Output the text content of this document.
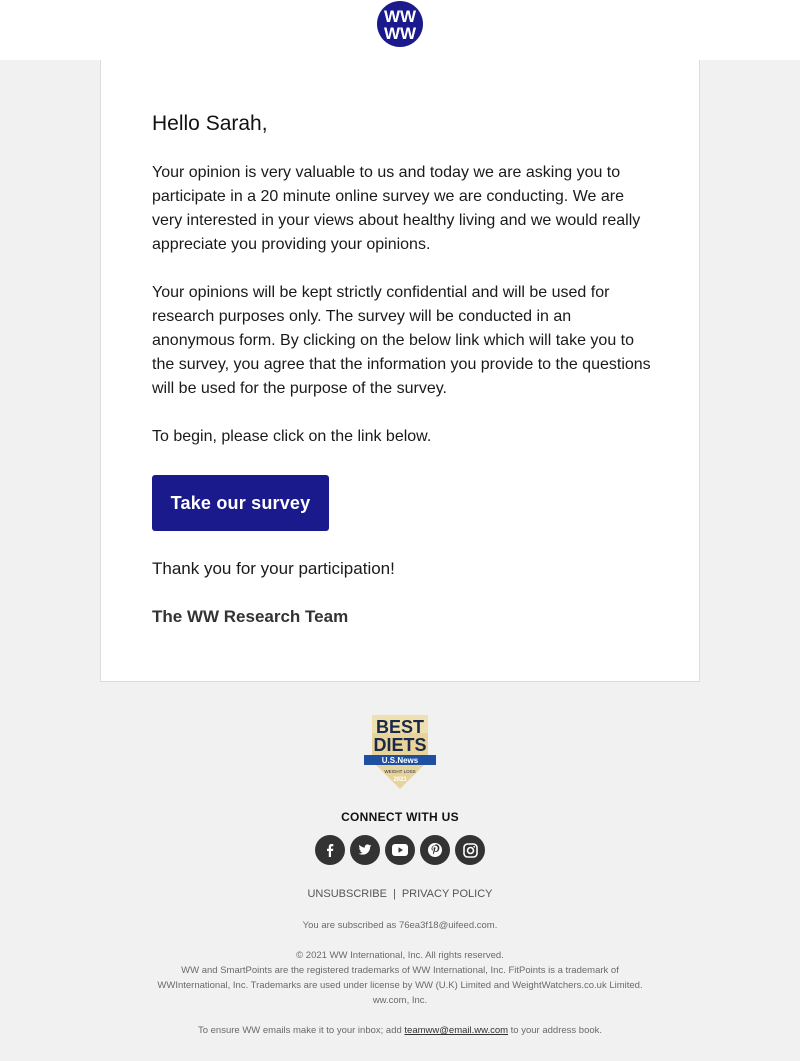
WW
WW
Hello Sarah,
Your opinion is very valuable to us and today we are asking you to participate in a 20 minute online survey we are conducting. We are very interested in your views about healthy living and we would really appreciate you providing your opinions.
Your opinions will be kept strictly confidential and will be used for research purposes only. The survey will be conducted in an anonymous form. By clicking on the below link which will take you to the survey, you agree that the information you provide to the questions will be used for the purpose of the survey.
To begin, please click on the link below.
Take our survey
Thank you for your participation!
The WW Research Team
BEST
DIETS
U.S.News
WEIGHT LOSS
2021
CONNECT WITH US
UNSUBSCRIBE | PRIVACY POLICY
You are subscribed as 76ea3f18@uifeed.com.
© 2021 WW International, Inc. All rights reserved.
WW and SmartPoints are the registered trademarks of WW International, Inc. FitPoints is a trademark of
WWInternational, Inc. Trademarks are used under license by WW (U.K) Limited and WeightWatchers.co.uk Limited.
ww.com, Inc.
To ensure WW emails make it to your inbox; add teamww@email.ww.com to your address book.
